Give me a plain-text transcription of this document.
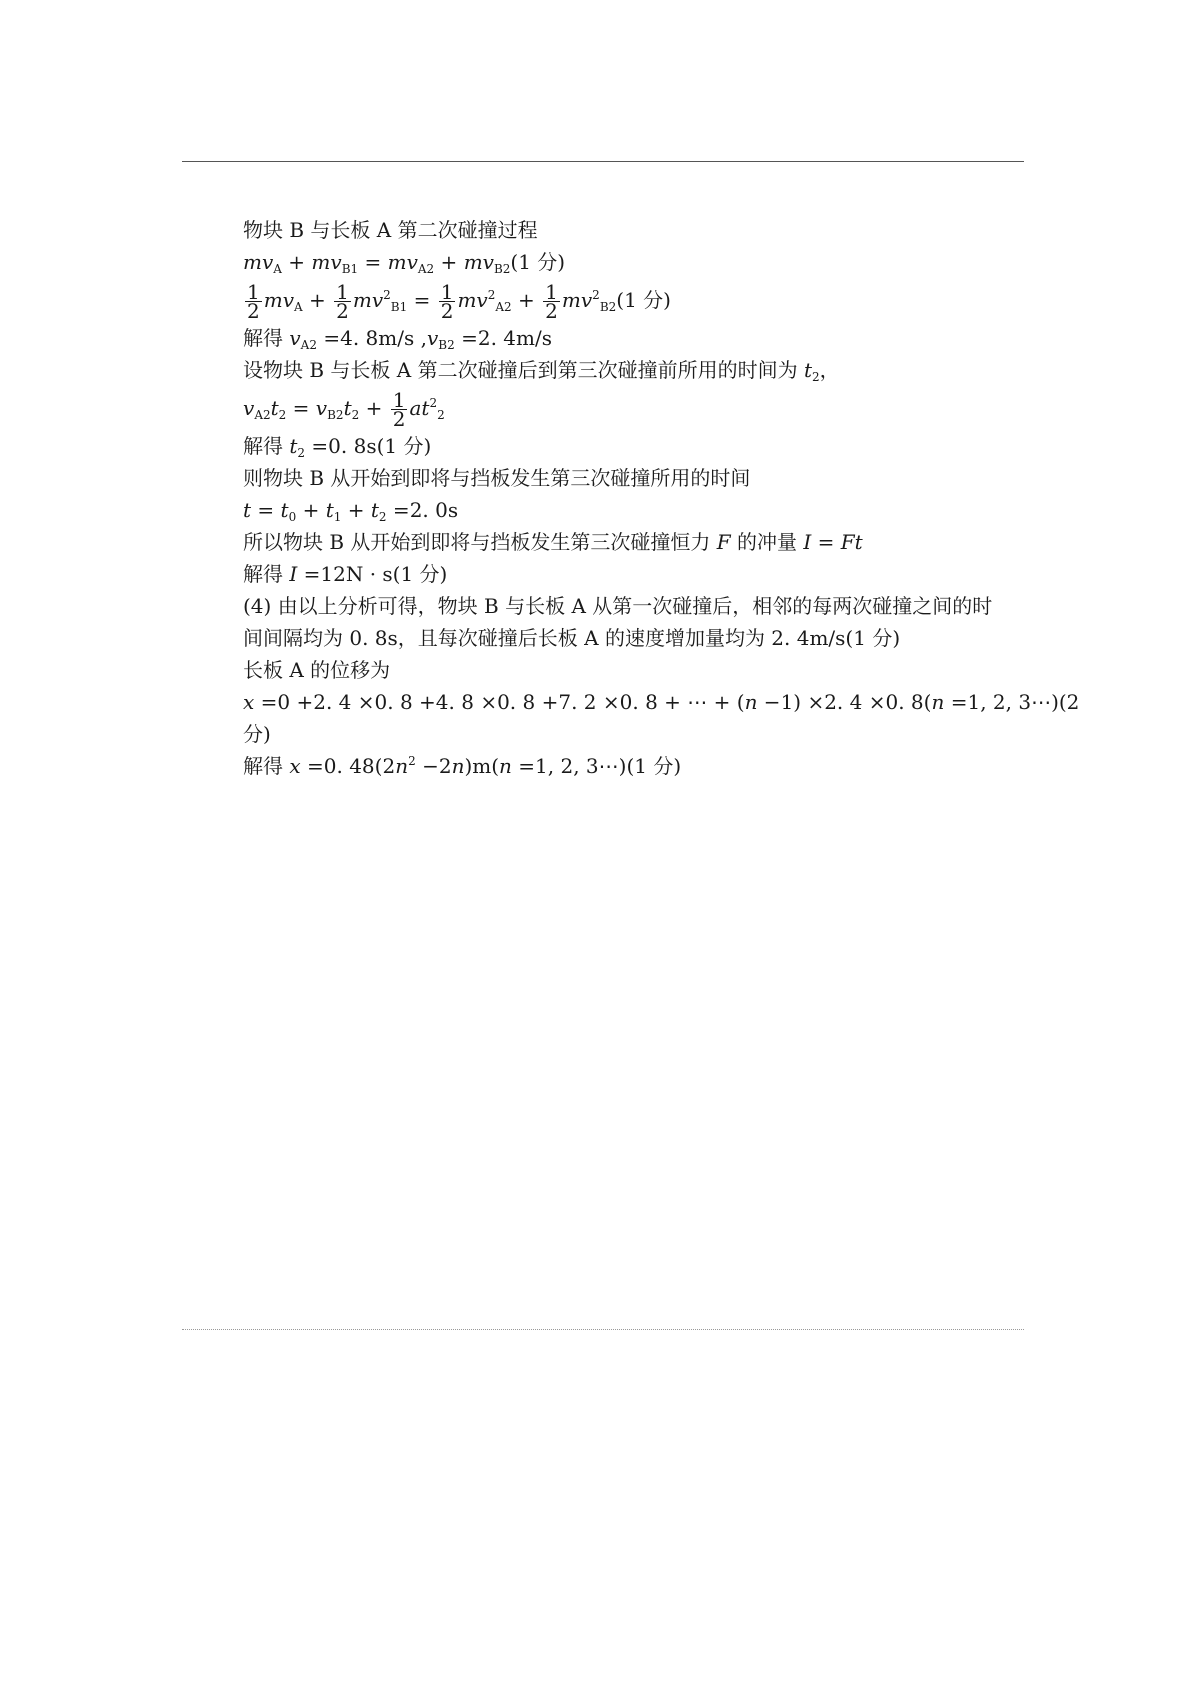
物块 B 与长板 A 第二次碰撞过程
$mv_A + mv_{B1} = mv_{A2} + mv_{B2}(1$ 分)
$\frac{1}{2} mv_A + \frac{1}{2} mv^2_{B1} = \frac{1}{2} mv^2_{A2} + \frac{1}{2} mv^2_{B2}(1$ 分)
解得 $v_{A2} =4$. 8m/s $,v_{B2} =2$. 4m/s
设物块 B 与长板 A 第二次碰撞后到第三次碰撞前所用的时间为 $t_2$，
$v_{A2}t_2 = v_{B2}t_2 + \frac{1}{2} at^2_2$
解得 $t_2 =0$. 8s(1 分)
则物块 B 从开始到即将与挡板发生第三次碰撞所用的时间
$t = t_0 + t_1 + t_2 =2$. 0s
所以物块 B 从开始到即将与挡板发生第三次碰撞恒力 F 的冲量 I = Ft
解得 I =12N · s(1 分)
(4) 由以上分析可得，物块 B 与长板 A 从第一次碰撞后，相邻的每两次碰撞之间的时
间间隔均为 0. 8s，且每次碰撞后长板 A 的速度增加量均为 2. 4m/s(1 分)
长板 A 的位移为
x =0 +2. 4 ×0. 8 +4. 8 ×0. 8 +7. 2 ×0. 8 + ⋯ + (n −1) ×2. 4 ×0. 8(n =1, 2, 3⋯)(2
分)
解得 x =0. $48(2n^2 -2n)m(n =1$, 2, 3⋯)(1 分)
